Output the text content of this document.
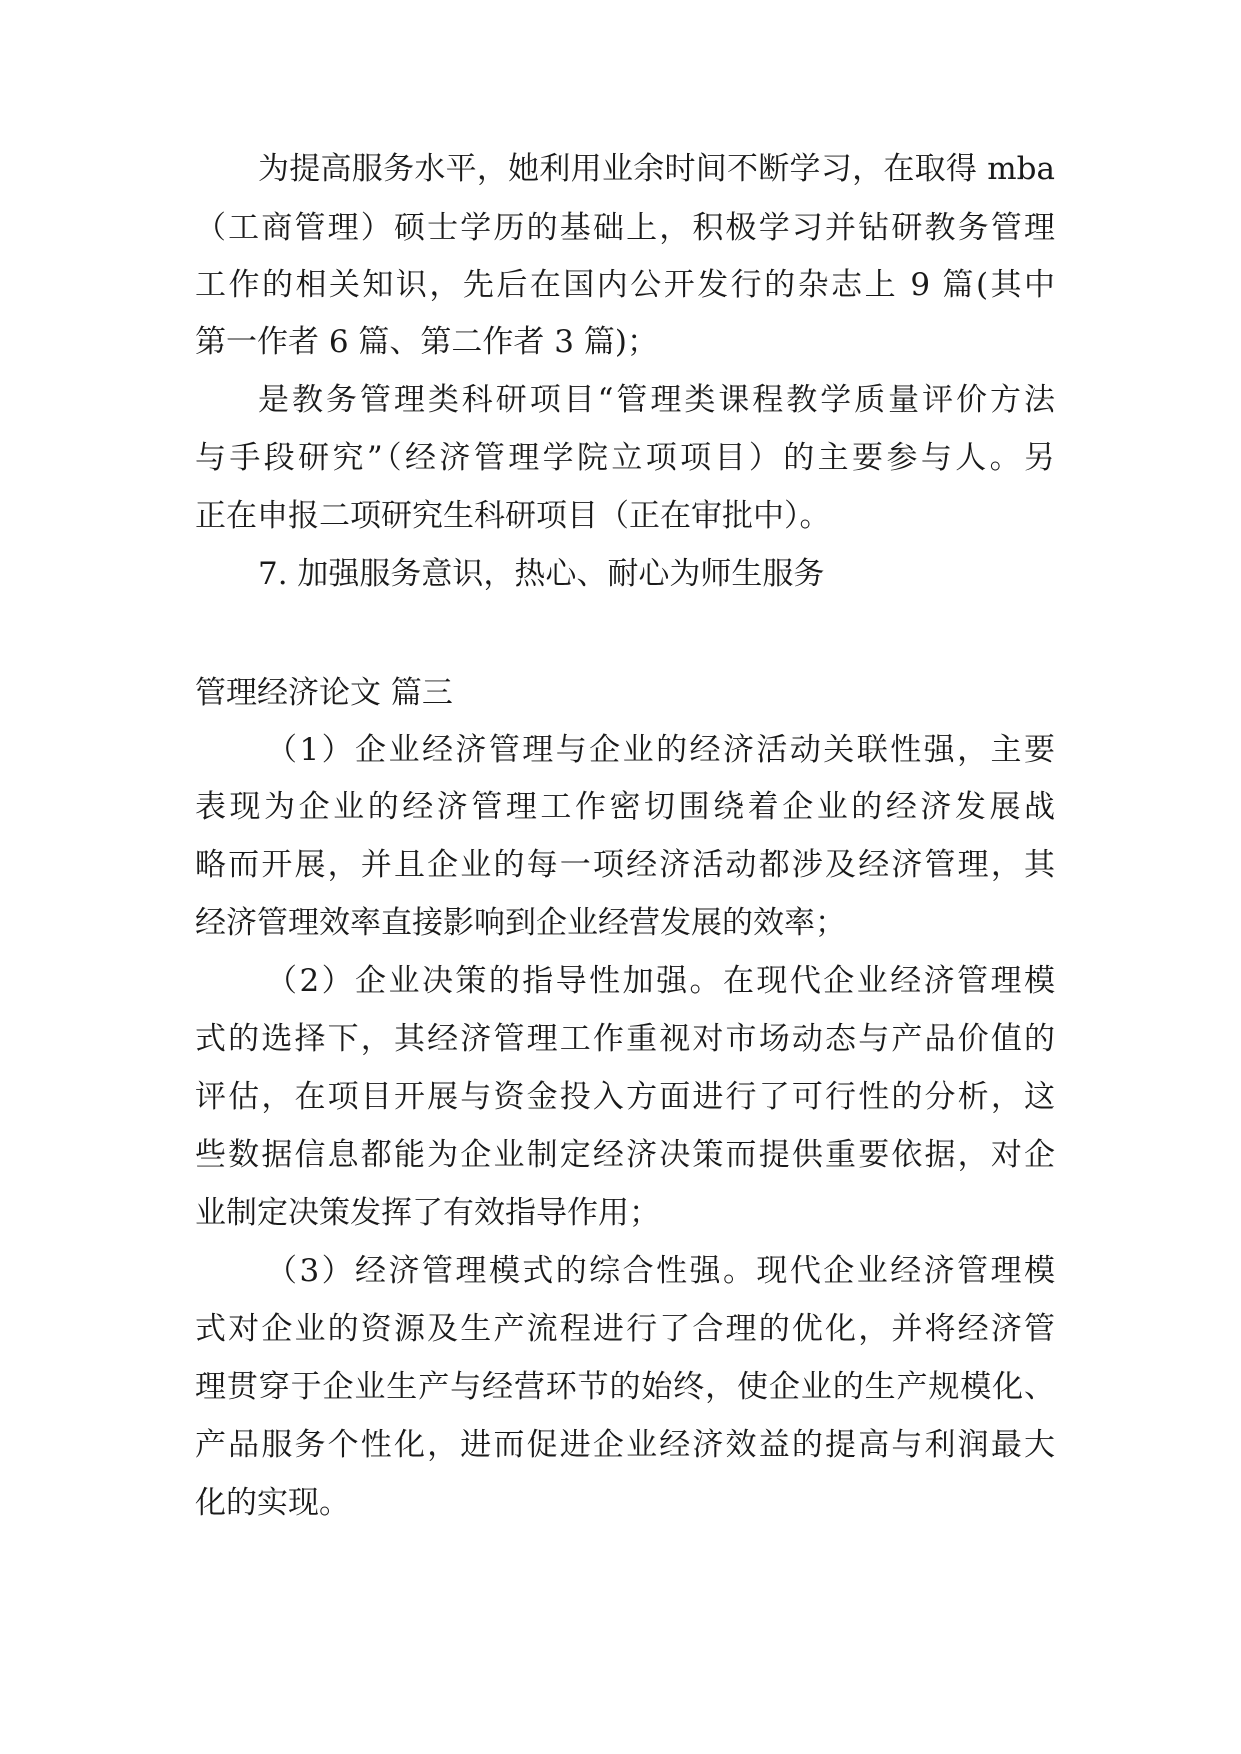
为提高服务水平，她利用业余时间不断学习，在取得 mba
（工商管理）硕士学历的基础上，积极学习并钻研教务管理
工作的相关知识，先后在国内公开发行的杂志上 9 篇(其中
第一作者 6 篇、第二作者 3 篇)；
是教务管理类科研项目“管理类课程教学质量评价方法
与手段研究”（经济管理学院立项项目）的主要参与人。另
正在申报二项研究生科研项目（正在审批中）。
7. 加强服务意识，热心、耐心为师生服务
管理经济论文 篇三
（1）企业经济管理与企业的经济活动关联性强，主要
表现为企业的经济管理工作密切围绕着企业的经济发展战
略而开展，并且企业的每一项经济活动都涉及经济管理，其
经济管理效率直接影响到企业经营发展的效率；
（2）企业决策的指导性加强。在现代企业经济管理模
式的选择下，其经济管理工作重视对市场动态与产品价值的
评估，在项目开展与资金投入方面进行了可行性的分析，这
些数据信息都能为企业制定经济决策而提供重要依据，对企
业制定决策发挥了有效指导作用；
（3）经济管理模式的综合性强。现代企业经济管理模
式对企业的资源及生产流程进行了合理的优化，并将经济管
理贯穿于企业生产与经营环节的始终，使企业的生产规模化、
产品服务个性化，进而促进企业经济效益的提高与利润最大
化的实现。
